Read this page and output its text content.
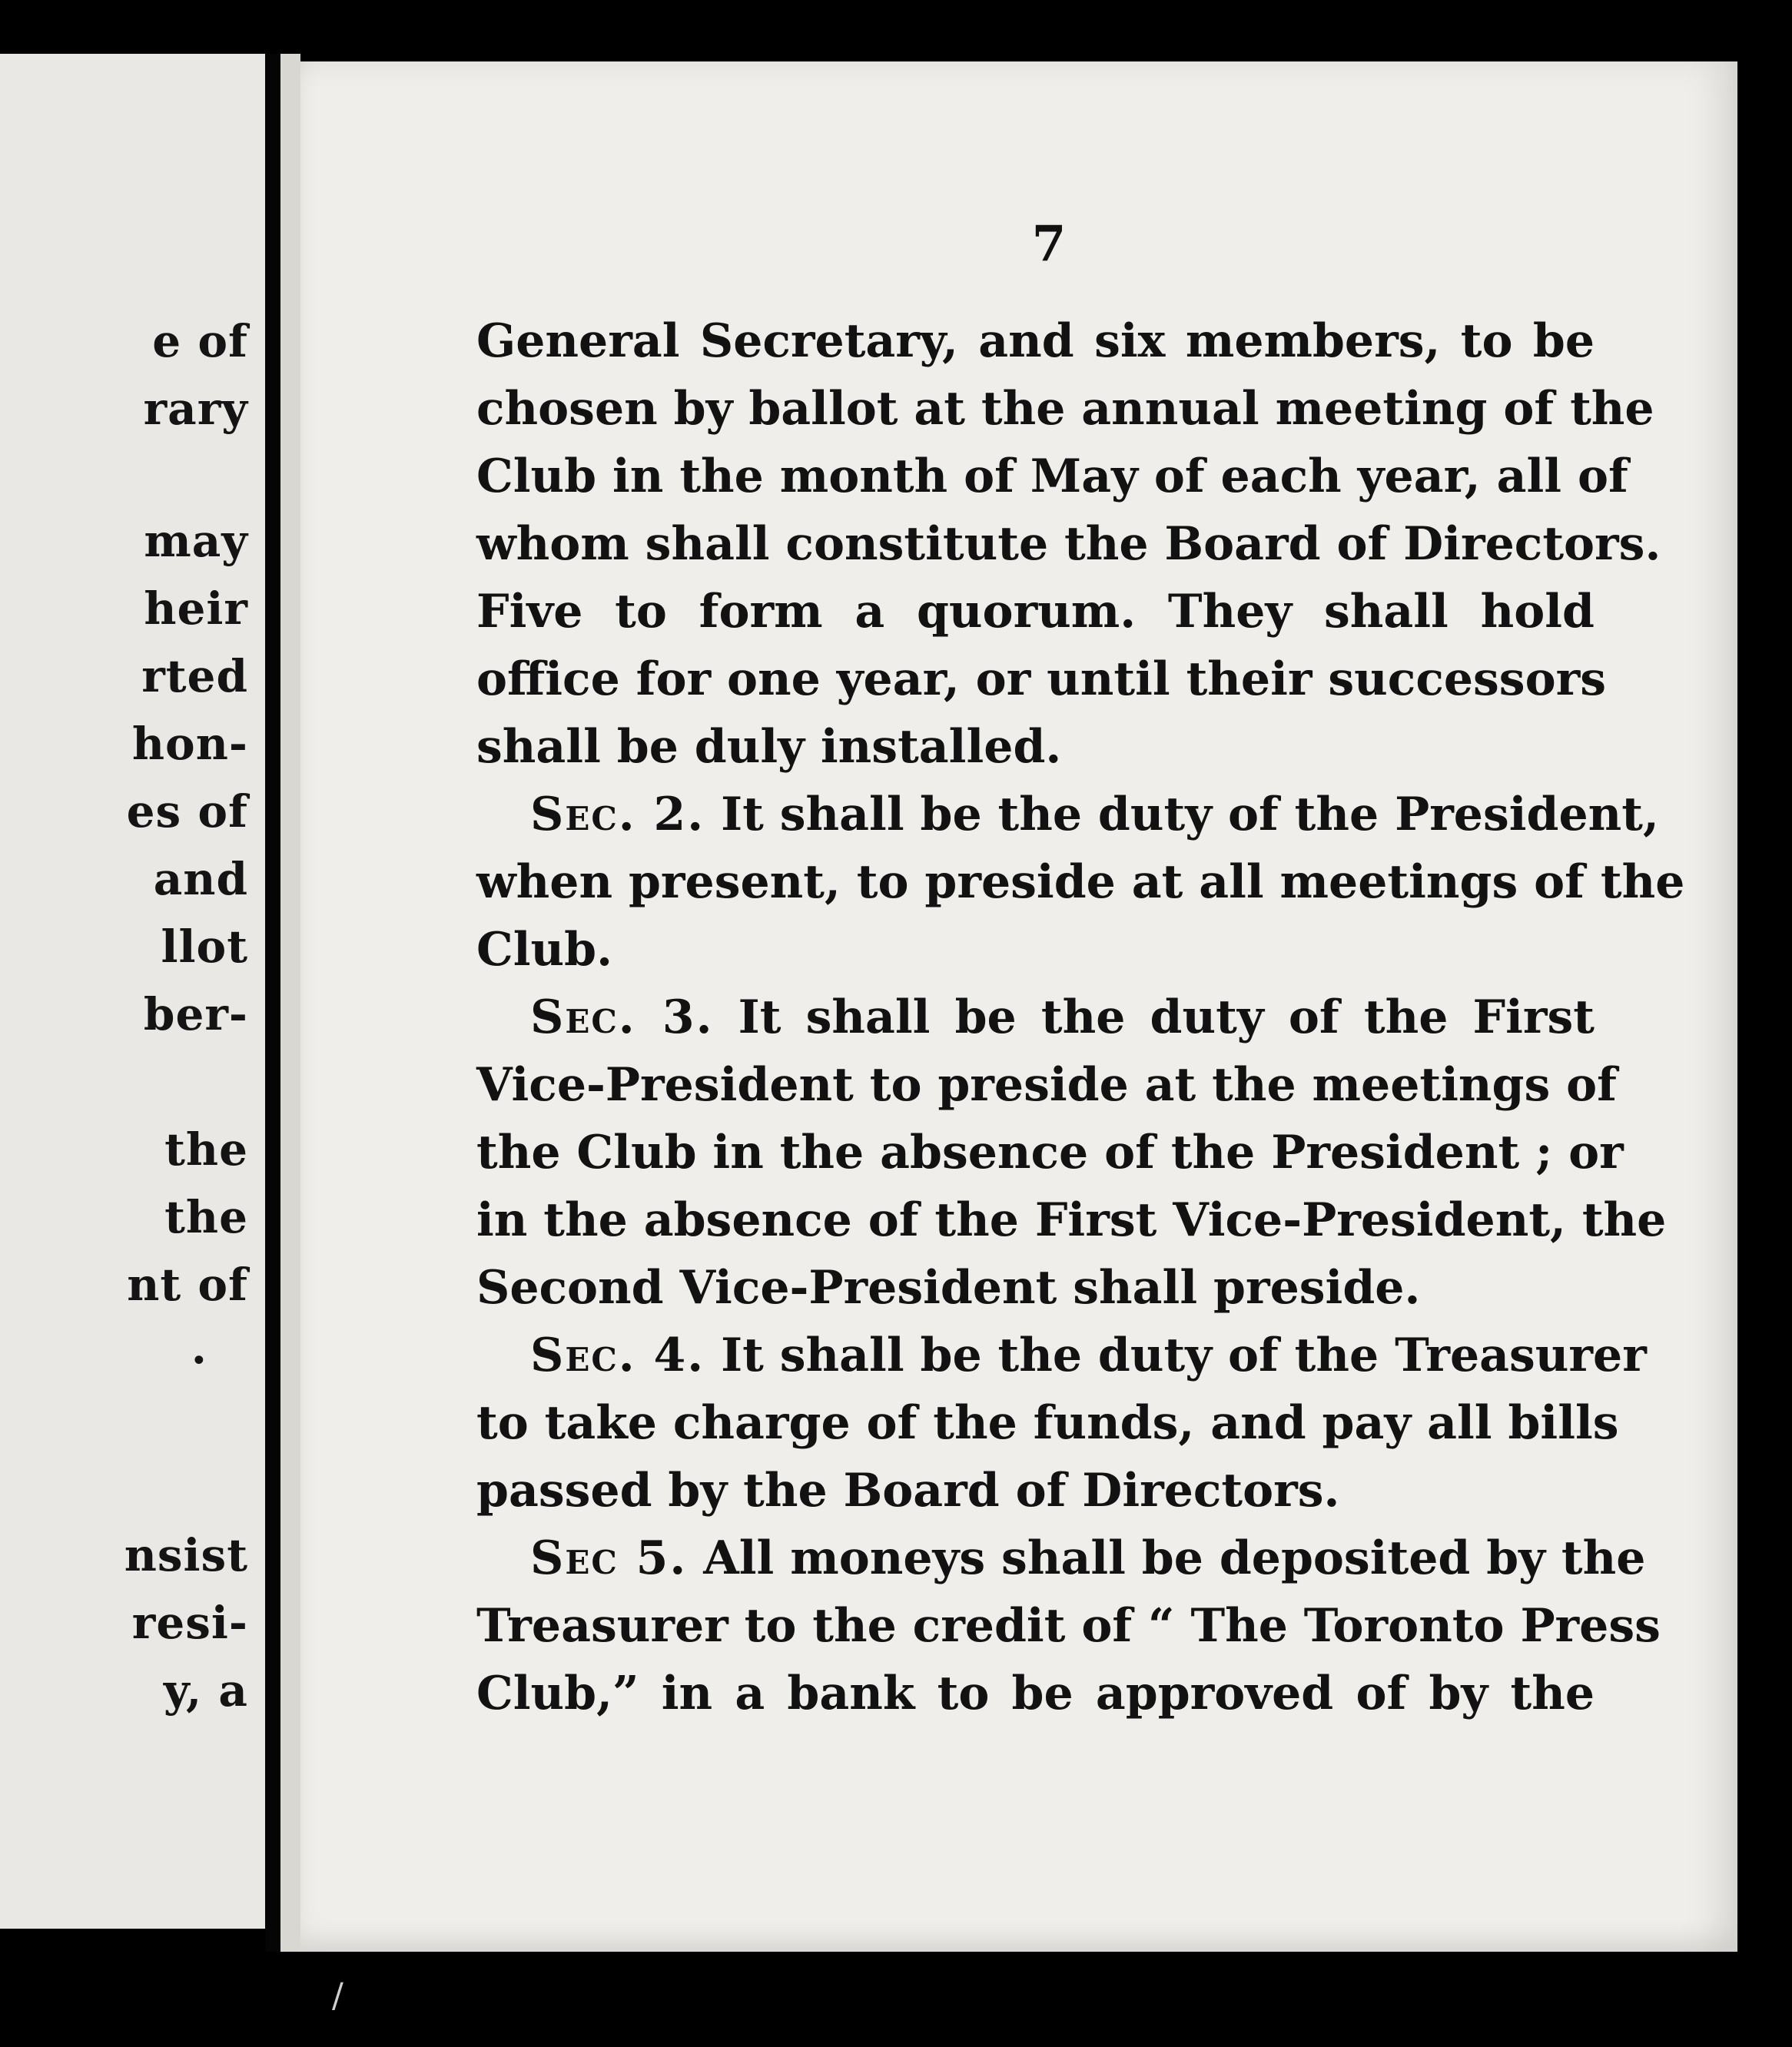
e of
rary
may
heir
rted
hon-
es of
and
llot
ber-
the
the
nt of
.
nsist
resi-
y, a
7
General Secretary, and six members, to be
chosen by ballot at the annual meeting of the
Club in the month of May of each year, all of
whom shall constitute the Board of Directors.
Five to form a quorum. They shall hold
office for one year, or until their successors
shall be duly installed.
Sec. 2. It shall be the duty of the President,
when present, to preside at all meetings of the
Club.
Sec. 3. It shall be the duty of the First
Vice-President to preside at the meetings of
the Club in the absence of the President ; or
in the absence of the First Vice-President, the
Second Vice-President shall preside.
Sec. 4. It shall be the duty of the Treasurer
to take charge of the funds, and pay all bills
passed by the Board of Directors.
Sec 5. All moneys shall be deposited by the
Treasurer to the credit of “ The Toronto Press
Club,” in a bank to be approved of by the
/
